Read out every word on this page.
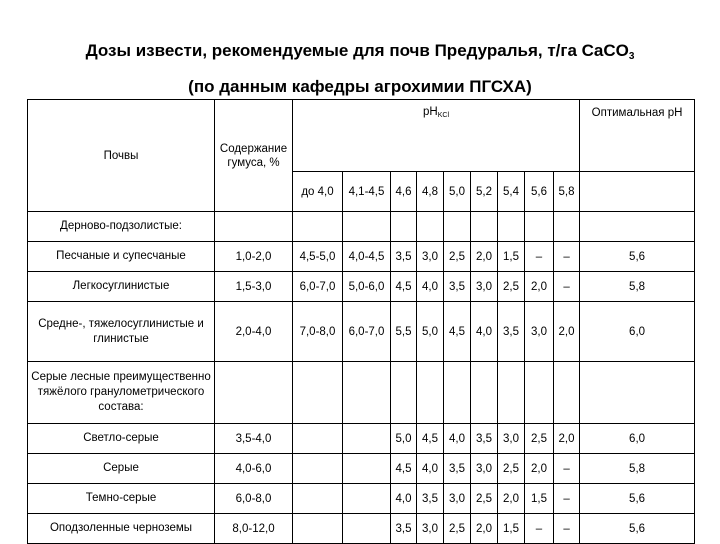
Дозы извести, рекомендуемые для почв Предуралья, т/га CaCO$_3$
(по данным кафедры агрохимии ПГСХА)
Почвы	Содержание гумуса, %	рНKCl									Оптимальная рН
		до 4,0	4,1-4,5	4,6	4,8	5,0	5,2	5,4	5,6	5,8	
Дерново-подзолистые:											
Песчаные и супесчаные	1,0-2,0	4,5-5,0	4,0-4,5	3,5	3,0	2,5	2,0	1,5	–	–	5,6
Легкосуглинистые	1,5-3,0	6,0-7,0	5,0-6,0	4,5	4,0	3,5	3,0	2,5	2,0	–	5,8
Средне-, тяжелосуглинистые и глинистые	2,0-4,0	7,0-8,0	6,0-7,0	5,5	5,0	4,5	4,0	3,5	3,0	2,0	6,0
Серые лесные преимущественно тяжёлого гранулометрического состава:											
Светло-серые	3,5-4,0			5,0	4,5	4,0	3,5	3,0	2,5	2,0	6,0
Серые	4,0-6,0			4,5	4,0	3,5	3,0	2,5	2,0	–	5,8
Темно-серые	6,0-8,0			4,0	3,5	3,0	2,5	2,0	1,5	–	5,6
Оподзоленные черноземы	8,0-12,0			3,5	3,0	2,5	2,0	1,5	–	–	5,6
